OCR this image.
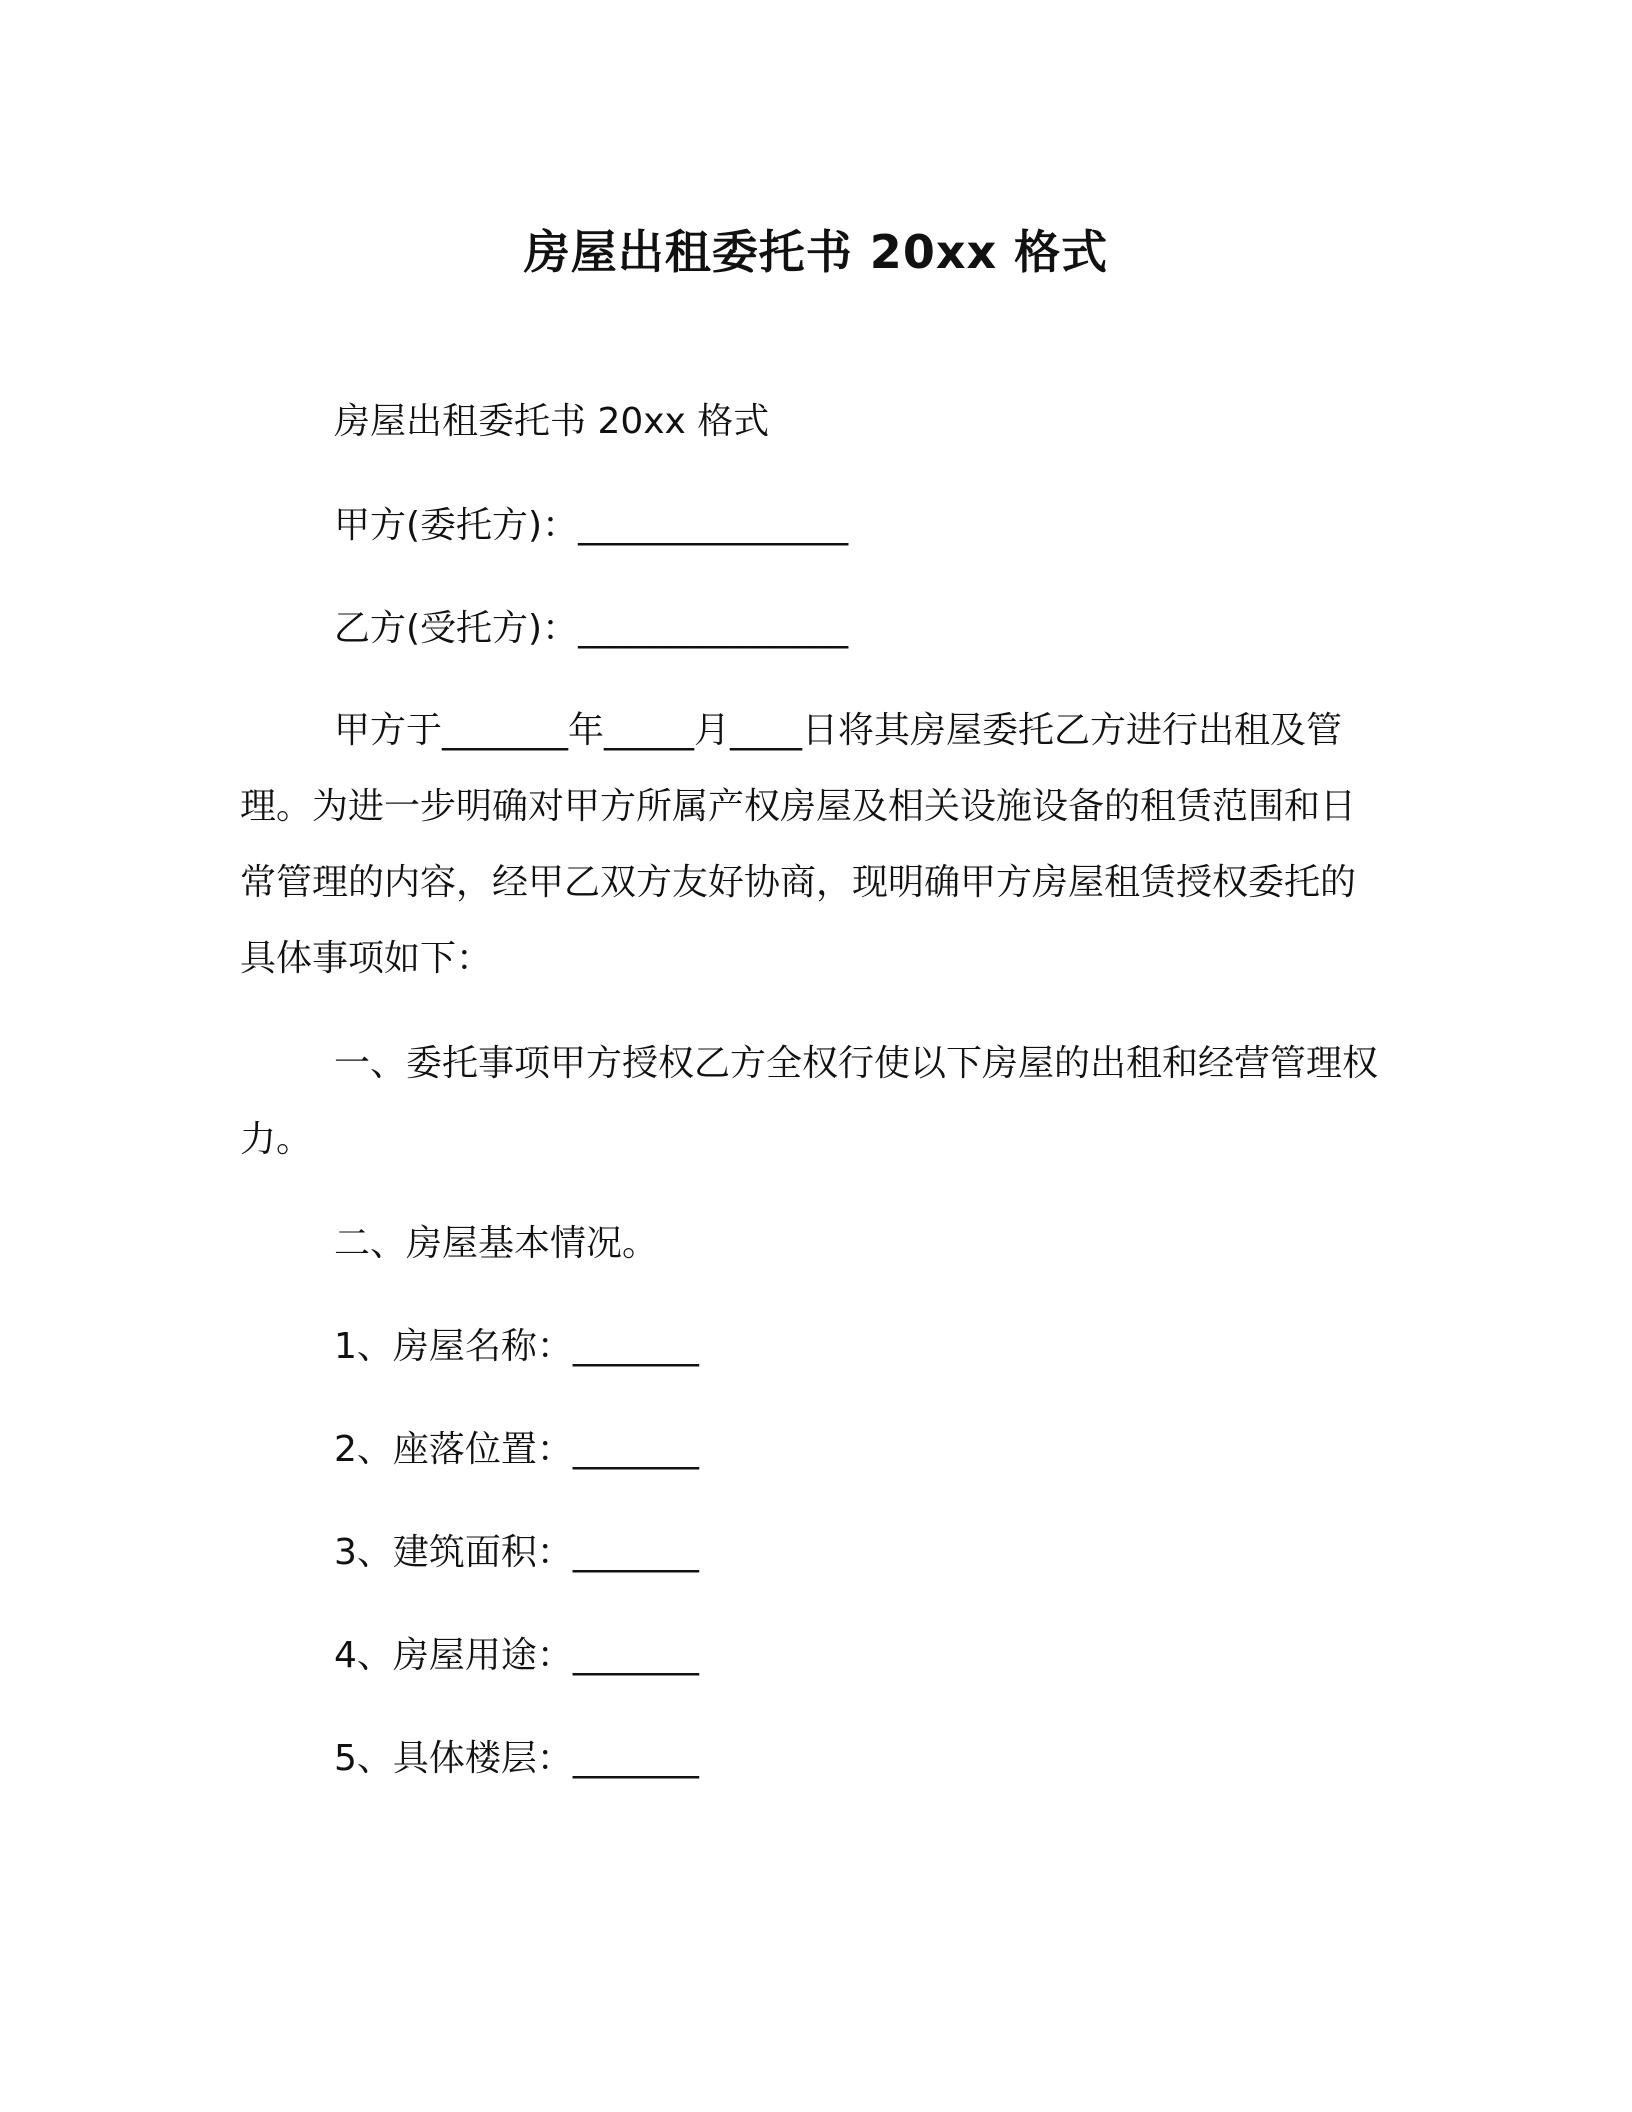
房屋出租委托书 20xx 格式

房屋出租委托书 20xx 格式

甲方(委托方)：_______________

乙方(受托方)：_______________

甲方于_______年_____月____日将其房屋委托乙方进行出租及管理。为进一步明确对甲方所属产权房屋及相关设施设备的租赁范围和日常管理的内容，经甲乙双方友好协商，现明确甲方房屋租赁授权委托的具体事项如下：

一、委托事项甲方授权乙方全权行使以下房屋的出租和经营管理权力。

二、房屋基本情况。

1、房屋名称：_______

2、座落位置：_______

3、建筑面积：_______

4、房屋用途：_______

5、具体楼层：_______
